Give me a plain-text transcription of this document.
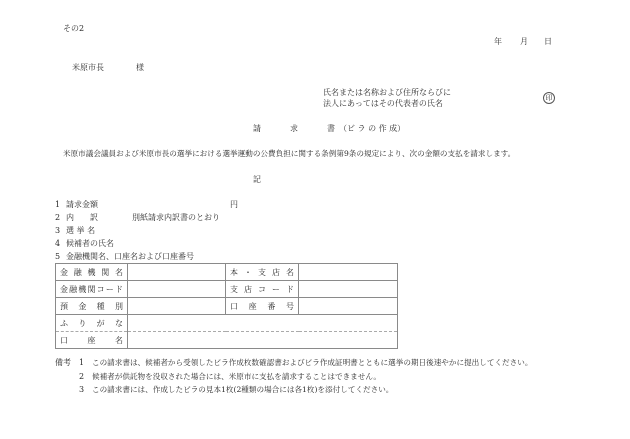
その2
年 月 日
米原市長	様
氏名または名称および住所ならびに
法人にあってはその代表者の氏名
印
請	求	書 （ビ ラ の 作 成）
米原市議会議員および米原市長の選挙における選挙運動の公費負担に関する条例第9条の規定により、次の金額の支払を請求します。
記
1 請求金額	円
2 内　　訳	別紙請求内訳書のとおり
3 選 挙 名
4 候補者の氏名
5 金融機関名、口座名および口座番号
金融機関名		本・支店名	
金融機関コード		支店コード	
預金種別		口座番号	
ふりがな			
口座名			
備考 1 この請求書は、候補者から受領したビラ作成枚数確認書およびビラ作成証明書とともに選挙の期日後速やかに提出してください。
2 候補者が供託物を没収された場合には、米原市に支払を請求することはできません。
3 この請求書には、作成したビラの見本1枚(2種類の場合には各1枚)を添付してください。
